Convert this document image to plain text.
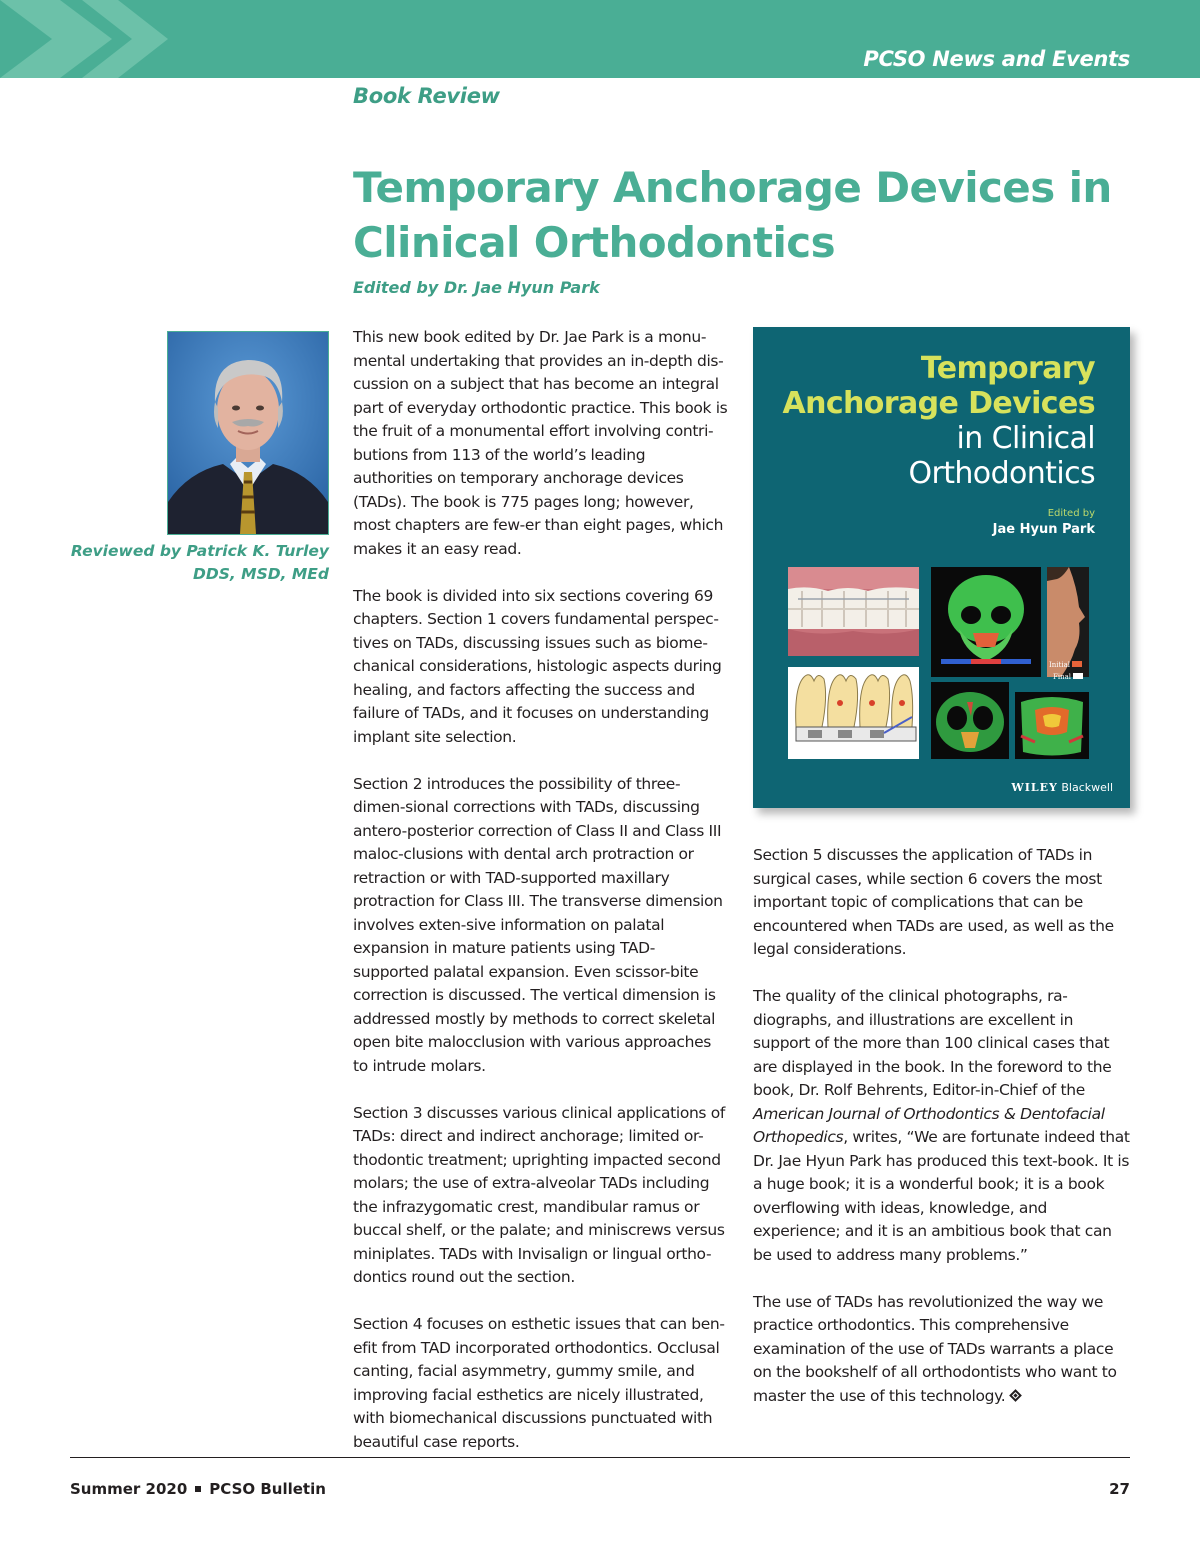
PCSO News and Events
Book Review
Temporary Anchorage Devices in
Clinical Orthodontics
Edited by Dr. Jae Hyun Park
Reviewed by Patrick K. Turley
DDS, MSD, MEd

This new book edited by Dr. Jae Park is a monu-mental undertaking that provides an in-depth dis-cussion on a subject that has become an integral part of everyday orthodontic practice. This book is the fruit of a monumental effort involving contri-butions from 113 of the world’s leading authorities on temporary anchorage devices (TADs). The book is 775 pages long; however, most chapters are few-er than eight pages, which makes it an easy read.

The book is divided into six sections covering 69 chapters. Section 1 covers fundamental perspec-tives on TADs, discussing issues such as biome-chanical considerations, histologic aspects during healing, and factors affecting the success and failure of TADs, and it focuses on understanding implant site selection.

Section 2 introduces the possibility of three-dimen-sional corrections with TADs, discussing antero-posterior correction of Class II and Class III maloc-clusions with dental arch protraction or retraction or with TAD-supported maxillary protraction for Class III. The transverse dimension involves exten-sive information on palatal expansion in mature patients using TAD-supported palatal expansion. Even scissor-bite correction is discussed. The vertical dimension is addressed mostly by methods to correct skeletal open bite malocclusion with various approaches to intrude molars.

Section 3 discusses various clinical applications of TADs: direct and indirect anchorage; limited or-thodontic treatment; uprighting impacted second molars; the use of extra-alveolar TADs including the infrazygomatic crest, mandibular ramus or buccal shelf, or the palate; and miniscrews versus miniplates. TADs with Invisalign or lingual ortho-dontics round out the section.

Section 4 focuses on esthetic issues that can ben-efit from TAD incorporated orthodontics. Occlusal canting, facial asymmetry, gummy smile, and improving facial esthetics are nicely illustrated, with biomechanical discussions punctuated with beautiful case reports.

Temporary
Anchorage Devices
in Clinical
Orthodontics
Edited by
Jae Hyun Park
Initial
Final
WILEY Blackwell

Section 5 discusses the application of TADs in surgical cases, while section 6 covers the most important topic of complications that can be encountered when TADs are used, as well as the legal considerations.

The quality of the clinical photographs, ra-diographs, and illustrations are excellent in support of the more than 100 clinical cases that are displayed in the book. In the foreword to the book, Dr. Rolf Behrents, Editor-in-Chief of the American Journal of Orthodontics & Dentofacial Orthopedics, writes, “We are fortunate indeed that Dr. Jae Hyun Park has produced this text-book. It is a huge book; it is a wonderful book; it is a book overflowing with ideas, knowledge, and experience; and it is an ambitious book that can be used to address many problems.”

The use of TADs has revolutionized the way we practice orthodontics. This comprehensive examination of the use of TADs warrants a place on the bookshelf of all orthodontists who want to master the use of this technology.

Summer 2020 PCSO Bulletin	27
